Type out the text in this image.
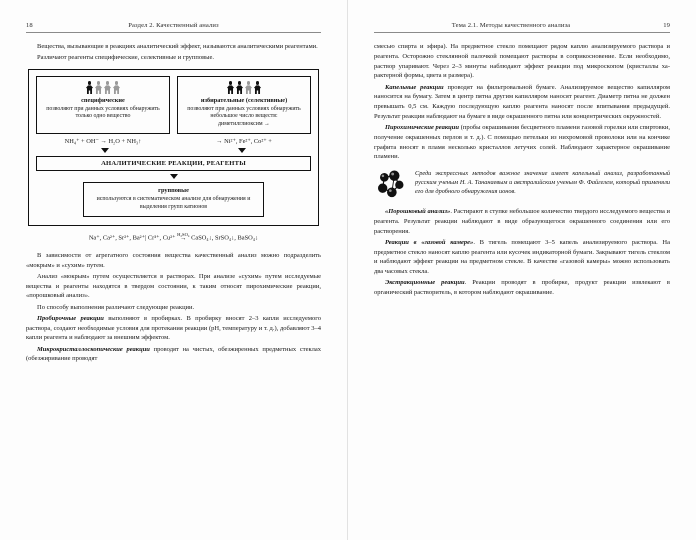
18	Раздел 2. Качественный анализ

Вещества, вызывающие в реакциях аналитический эффект, называются аналитическими реагентами.

Различают реагенты специфические, селективные и групповые.

специфические
позволяют при данных условиях обнаружить только одно вещество
избирательные (селективные)
позволяют при данных условиях обнаружить небольшое число веществ:
диметилглиоксим →
NH₄⁺ + OH⁻ → H₂O + NH₃↑	→ Ni²⁺, Fe²⁺, Co²⁺ +
АНАЛИТИЧЕСКИЕ РЕАКЦИИ, РЕАГЕНТЫ
групповые
используются в систематическом анализе для обнаружения и выделения групп катионов
Na⁺, Ca²⁺, Sr²⁺, Ba²⁺| Cr³⁺, Cu²⁺ H₂SO₄
→ CaSO₄↓, SrSO₄↓, BaSO₄↓

В зависимости от агрегатного состояния вещества качественный анализ можно подразделить «мокрым» и «сухим» путем.

Анализ «мокрым» путем осуществляется в растворах. При анализе «сухим» путем исследуемые вещества и реагенты находятся в твердом состоянии, к таким относят пирохимические реакции, «порошковый анализ».

По способу выполнения различают следующие реакции.

Пробирочные реакции выполняют в пробирках. В пробирку вносят 2–3 капли исследуемого раствора, создают необходимые условия для протекания реакции (рН, температуру и т. д.), добавляют 3–4 капли реагента и наблюдают за внешним эффектом.

Микрокристаллоскопические реакции проводят на чистых, обезжиренных предметных стеклах (обезжиривание проводят

Тема 2.1. Методы качественного анализа	19

смесью спирта и эфира). На предметное стекло помещают рядом каплю анализируемого раствора и реагента. Осторожно стеклянной палочкой помещают растворы в соприкосновение. Если необходимо, раствор упаривают. Через 2–3 минуты наблюдают эффект реакции под микроскопом (кристаллы характерной формы, цвета и размера).

Капельные реакции проводят на фильтровальной бумаге. Анализируемое вещество капилляром наносится на бумагу. Затем в центр пятна другим капилляром наносят реагент. Диаметр пятна не должен превышать 0,5 см. Каждую последующую каплю реагента наносят после впитывания предыдущей. Результат реакции наблюдают на бумаге в виде окрашенного пятна или концентрических окружностей.

Пирохимические реакции (пробы окрашивания бесцветного пламени газовой горелки или спиртовки, получение окрашенных перлов и т. д.). С помощью петельки из нихромовой проволоки или на кончике графита вносят в пламя несколько кристаллов летучих солей. Наблюдают характерное окрашивание пламени.

Среди экспрессных методов важное значение имеет капельный анализ, разработанный русским ученым Н. А. Тананаевым и австралийским ученым Ф. Файгелем, который применяли его для дробного обнаружения ионов.

«Порошковый анализ». Растирают в ступке небольшое количество твердого исследуемого вещества и реагента. Результат реакции наблюдают в виде образующегося окрашенного соединения или его растворения.

Реакции в «газовой камере». В тигель помещают 3–5 капель анализируемого раствора. На предметное стекло наносят каплю реагента или кусочек индикаторной бумаги. Закрывают тигель стеклом и наблюдают эффект реакции на предметном стекле. В качестве «газовой камеры» можно использовать два часовых стекла.

Экстракционные реакции. Реакции проводят в пробирке, продукт реакции извлекают в органический растворитель, в котором наблюдают окрашивание.
